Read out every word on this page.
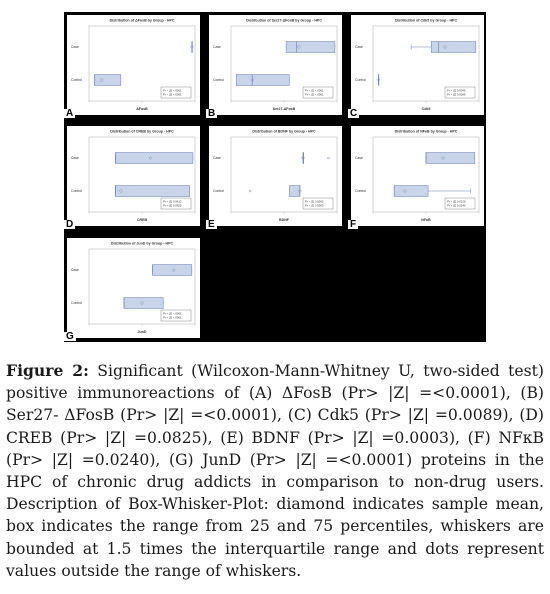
Distribution of ΔFosB by Group - HPC
Case
Control
ΔFosB
Pr > |Z| <.0001
Pr > |Z| <.0001
A
Distribution of Ser27-ΔFosB by Group - HPC
Case
Control
Ser27-ΔFosB
Pr > |Z| <.0001
Pr > |Z| <.0001
B
Distribution of Cdk5 by Group - HPC
Case
Control
Cdk5
Pr > |Z| 0.0045
Pr > |Z| 0.0089
C
Distribution of CREB by Group - HPC
Case
Control
CREB
Pr > |Z| 0.0412
Pr > |Z| 0.0825
D
Distribution of BDNF by Group - HPC
Case
Control
BDNF
Pr > |Z| 0.0002
Pr > |Z| 0.0003
E
Distribution of NFκB by Group - HPC
Case
Control
NFκB
Pr > |Z| 0.0120
Pr > |Z| 0.0240
F
Distribution of JunD by Group - HPC
Case
Control
JunD
Pr > |Z| <.0001
Pr > |Z| <.0001
G
Figure 2: Significant (Wilcoxon-Mann-Whitney U, two-sided test) positive immunoreactions of (A) ΔFosB (Pr> |Z| =<0.0001), (B) Ser27- ΔFosB (Pr> |Z| =<0.0001), (C) Cdk5 (Pr> |Z| =0.0089), (D) CREB (Pr> |Z| =0.0825), (E) BDNF (Pr> |Z| =0.0003), (F) NFκB (Pr> |Z| =0.0240), (G) JunD (Pr> |Z| =<0.0001) proteins in the HPC of chronic drug addicts in comparison to non-drug users. Description of Box-Whisker-Plot: diamond indicates sample mean, box indicates the range from 25 and 75 percentiles, whiskers are bounded at 1.5 times the interquartile range and dots represent values outside the range of whiskers.
